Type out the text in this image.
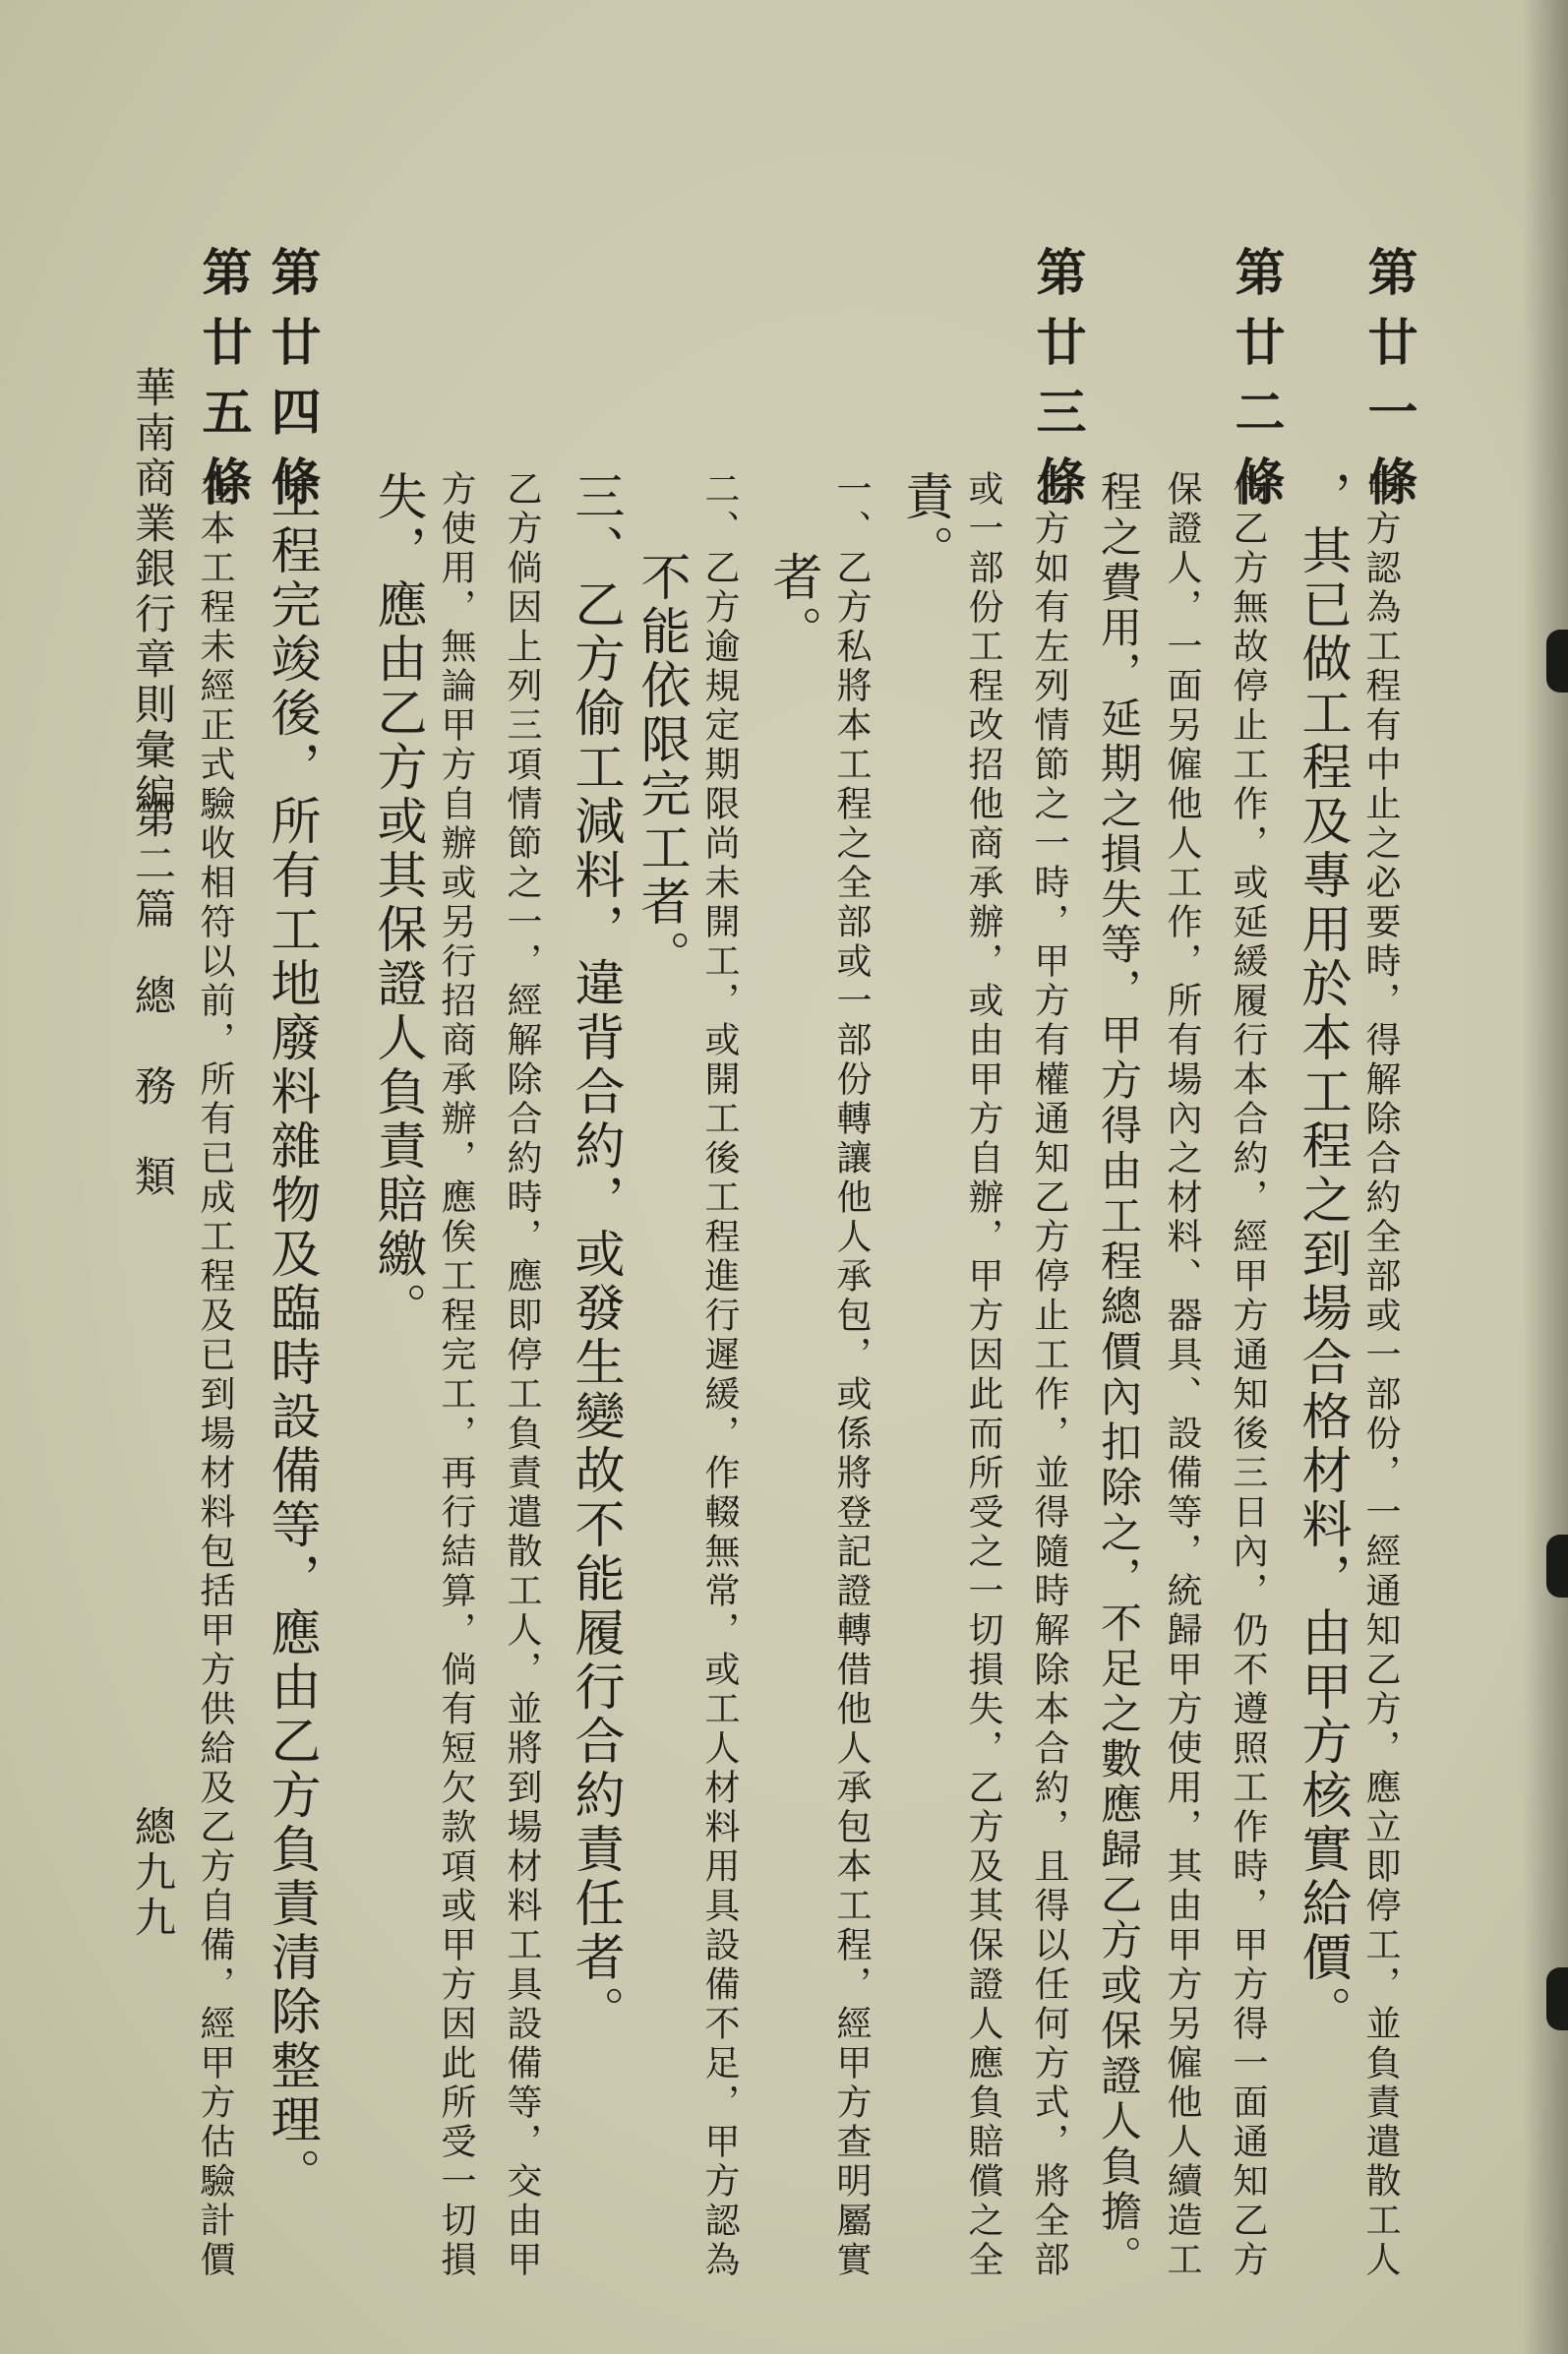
第廿一條
甲方認為工程有中止之必要時，得解除合約全部或一部份，一經通知乙方，應立即停工，並負責遣散工人
，其已做工程及專用於本工程之到場合格材料，由甲方核實給價。
第廿二條
倘乙方無故停止工作，或延緩履行本合約，經甲方通知後三日內，仍不遵照工作時，甲方得一面通知乙方
保證人，一面另僱他人工作，所有場內之材料、器具、設備等，統歸甲方使用，其由甲方另僱他人續造工
程之費用，延期之損失等，甲方得由工程總價內扣除之，不足之數應歸乙方或保證人負擔。
第廿三條
乙方如有左列情節之一時，甲方有權通知乙方停止工作，並得隨時解除本合約，且得以任何方式，將全部
或一部份工程改招他商承辦，或由甲方自辦，甲方因此而所受之一切損失，乙方及其保證人應負賠償之全
責。
一、乙方私將本工程之全部或一部份轉讓他人承包，或係將登記證轉借他人承包本工程，經甲方查明屬實
者。
二、乙方逾規定期限尚未開工，或開工後工程進行遲緩，作輟無常，或工人材料用具設備不足，甲方認為
不能依限完工者。
三、乙方偷工減料，違背合約，或發生變故不能履行合約責任者。
乙方倘因上列三項情節之一，經解除合約時，應即停工負責遣散工人，並將到場材料工具設備等，交由甲
方使用，無論甲方自辦或另行招商承辦，應俟工程完工，再行結算，倘有短欠款項或甲方因此所受一切損
失，應由乙方或其保證人負責賠繳。
第廿四條
工程完竣後，所有工地廢料雜物及臨時設備等，應由乙方負責清除整理。
第廿五條
在本工程未經正式驗收相符以前，所有已成工程及已到場材料包括甲方供給及乙方自備，經甲方估驗計價
華南商業銀行章則彙編
第二篇
總　務　類
總九九
